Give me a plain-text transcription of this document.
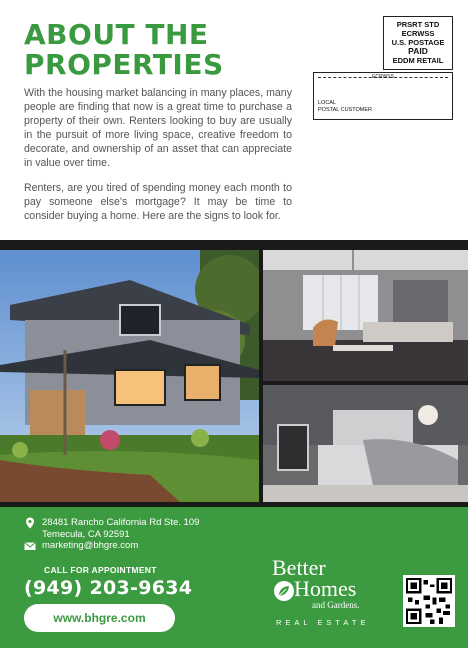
ABOUT THE
PROPERTIES

With the housing market balancing in many places, many people are finding that now is a great time to purchase a property of their own. Renters looking to buy are usually in the pursuit of more living space, creative freedom to decorate, and ownership of an asset that can appreciate in value over time.

Renters, are you tired of spending money each month to pay someone else's mortgage? It may be time to consider buying a home. Here are the signs to look for.

PRSRT STD
ECRWSS
U.S. POSTAGE
PAID
EDDM RETAIL
ECRWSS
LOCAL
POSTAL CUSTOMER
28481 Rancho California Rd Ste. 109
Temecula, CA 92591
marketing@bhgre.com
CALL FOR APPOINTMENT
(949) 203-9634
www.bhgre.com
Better
Homes
and Gardens.
REAL ESTATE
